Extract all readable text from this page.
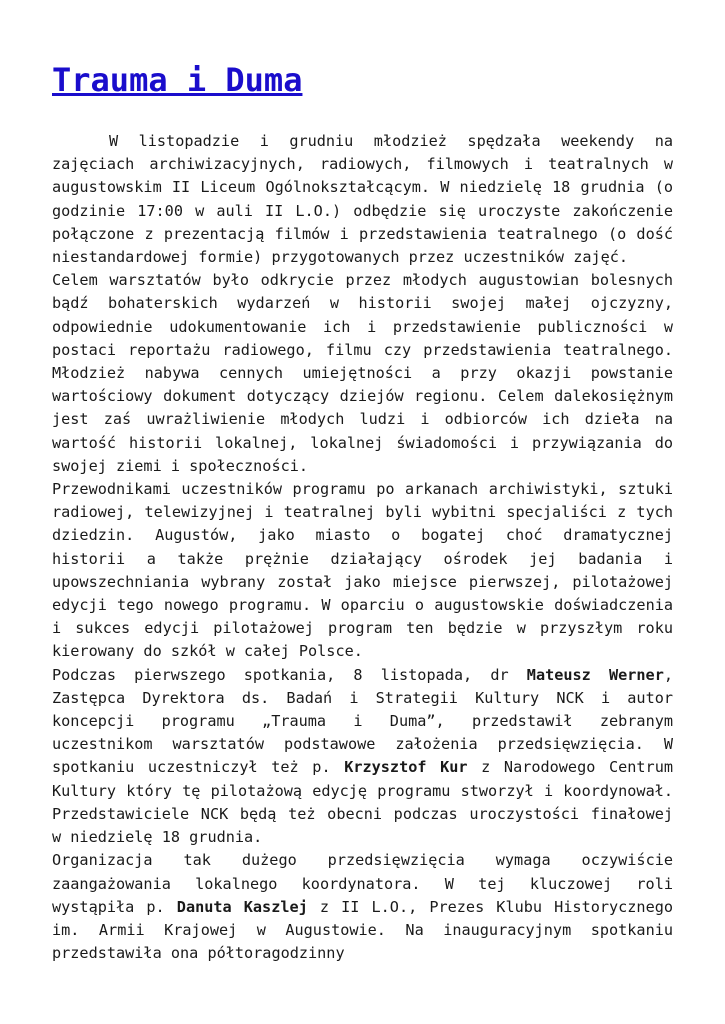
Trauma i Duma

W listopadzie i grudniu młodzież spędzała weekendy na zajęciach archiwizacyjnych, radiowych, filmowych i teatralnych w augustowskim II Liceum Ogólnokształcącym. W niedzielę 18 grudnia (o godzinie 17:00 w auli II L.O.) odbędzie się uroczyste zakończenie połączone z prezentacją filmów i przedstawienia teatralnego (o dość niestandardowej formie) przygotowanych przez uczestników zajęć.

Celem warsztatów było odkrycie przez młodych augustowian bolesnych bądź bohaterskich wydarzeń w historii swojej małej ojczyzny, odpowiednie udokumentowanie ich i przedstawienie publiczności w postaci reportażu radiowego, filmu czy przedstawienia teatralnego. Młodzież nabywa cennych umiejętności a przy okazji powstanie wartościowy dokument dotyczący dziejów regionu. Celem dalekosiężnym jest zaś uwrażliwienie młodych ludzi i odbiorców ich dzieła na wartość historii lokalnej, lokalnej świadomości i przywiązania do swojej ziemi i społeczności.

Przewodnikami uczestników programu po arkanach archiwistyki, sztuki radiowej, telewizyjnej i teatralnej byli wybitni specjaliści z tych dziedzin. Augustów, jako miasto o bogatej choć dramatycznej historii a także prężnie działający ośrodek jej badania i upowszechniania wybrany został jako miejsce pierwszej, pilotażowej edycji tego nowego programu. W oparciu o augustowskie doświadczenia i sukces edycji pilotażowej program ten będzie w przyszłym roku kierowany do szkół w całej Polsce.

Podczas pierwszego spotkania, 8 listopada, dr Mateusz Werner, Zastępca Dyrektora ds. Badań i Strategii Kultury NCK i autor koncepcji programu „Trauma i Duma”, przedstawił zebranym uczestnikom warsztatów podstawowe założenia przedsięwzięcia. W spotkaniu uczestniczył też p. Krzysztof Kur z Narodowego Centrum Kultury który tę pilotażową edycję programu stworzył i koordynował. Przedstawiciele NCK będą też obecni podczas uroczystości finałowej w niedzielę 18 grudnia.

Organizacja tak dużego przedsięwzięcia wymaga oczywiście zaangażowania lokalnego koordynatora. W tej kluczowej roli wystąpiła p. Danuta Kaszlej z II L.O., Prezes Klubu Historycznego im. Armii Krajowej w Augustowie. Na inauguracyjnym spotkaniu przedstawiła ona półtoragodzinny
